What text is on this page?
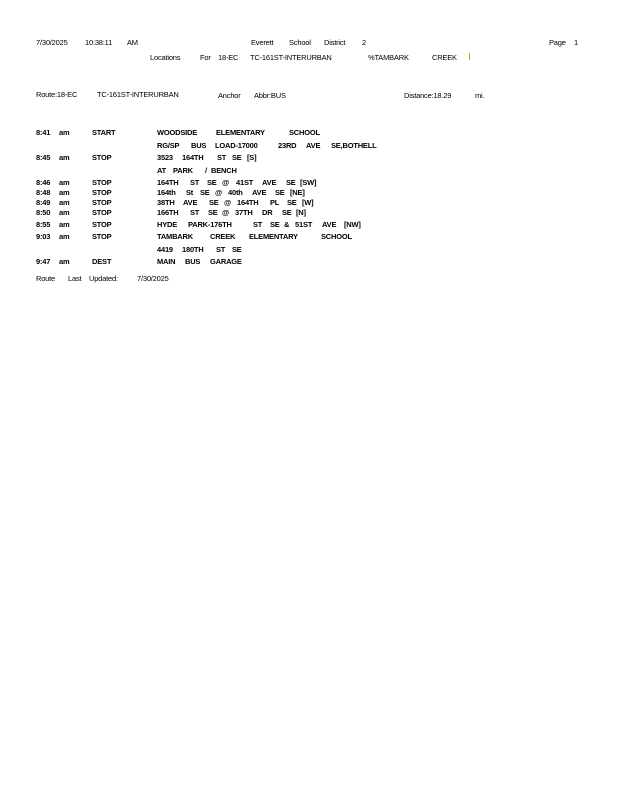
7/30/2025 10:38:11 AM	Everett School District 2	Page 1
Locations	For 18-EC TC-161ST-INTERURBAN	%TAMBARK	CREEK
Route:18-EC	TC-161ST-INTERURBAN	Anchor Abbr:BUS	Distance:18.29	mi.
8:41 am	START	WOODSIDE	ELEMENTARY	SCHOOL
RG/SP BUS LOAD-17000	23RD AVE SE,BOTHELL
8:45 am	STOP	3523 164TH ST SE [S]
AT PARK / BENCH
8:46 am	STOP	164TH ST SE @ 41ST AVE SE [SW]
8:48 am	STOP	164th St SE @ 40th AVE SE [NE]
8:49 am	STOP	38TH AVE SE @ 164TH PL SE [W]
8:50 am	STOP	166TH ST SE @ 37TH DR SE [N]
8:55 am	STOP	HYDE PARK-176TH	ST SE & 51ST AVE [NW]
9:03 am	STOP	TAMBARK CREEK ELEMENTARY	SCHOOL
4419 180TH ST SE
9:47 am	DEST	MAIN BUS GARAGE
Route Last Updated:	7/30/2025
